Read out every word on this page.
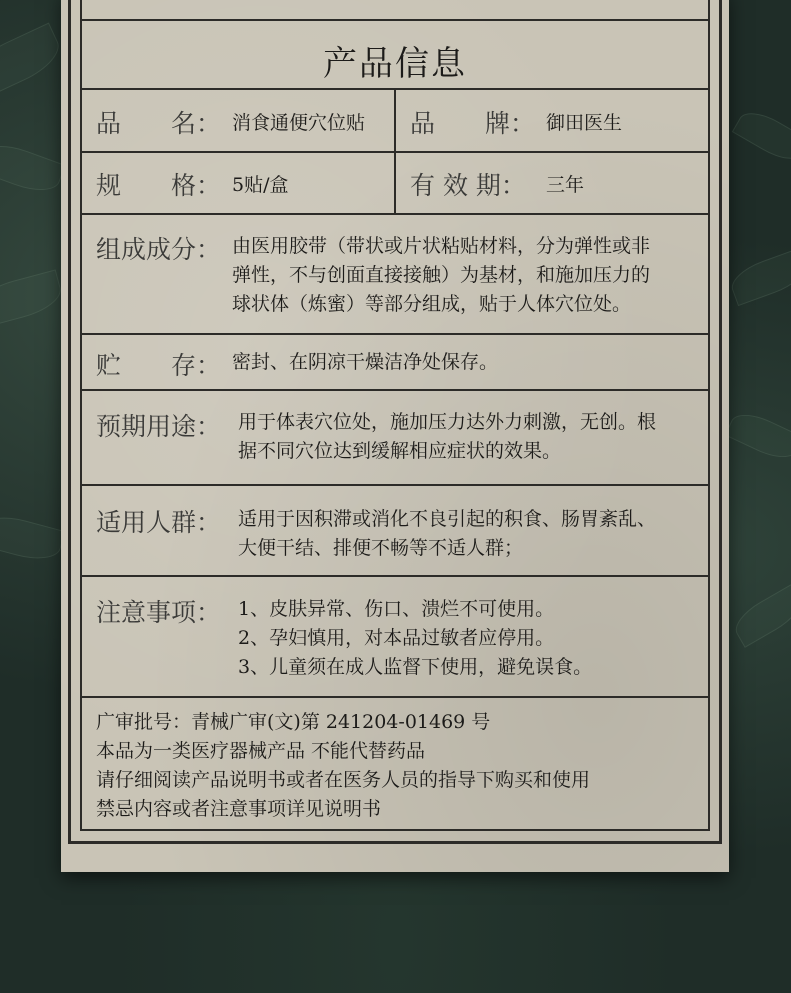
产品信息
品　　名： 消食通便穴位贴 品　　牌： 御田医生
规　　格： 5贴/盒	有 效 期： 三年
组成成分： 由医用胶带（带状或片状粘贴材料，分为弹性或非
弹性，不与创面直接接触）为基材，和施加压力的
球状体（炼蜜）等部分组成，贴于人体穴位处。
贮　　存： 密封、在阴凉干燥洁净处保存。
预期用途： 用于体表穴位处，施加压力达外力刺激，无创。根
据不同穴位达到缓解相应症状的效果。
适用人群： 适用于因积滞或消化不良引起的积食、肠胃紊乱、
大便干结、排便不畅等不适人群；
注意事项： 1、皮肤异常、伤口、溃烂不可使用。
2、孕妇慎用，对本品过敏者应停用。
3、儿童须在成人监督下使用，避免误食。
广审批号：青械广审(文)第 241204-01469 号
本品为一类医疗器械产品 不能代替药品
请仔细阅读产品说明书或者在医务人员的指导下购买和使用
禁忌内容或者注意事项详见说明书
